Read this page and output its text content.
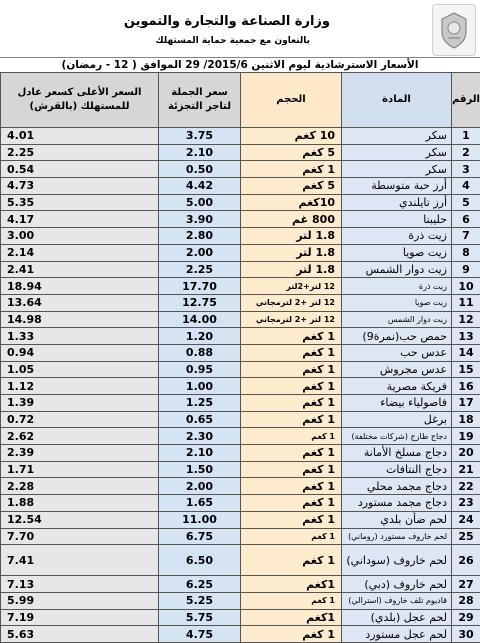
وزارة الصناعة والتجارة والتموين
بالتعاون مع جمعية حماية المستهلك
الأسعار الاسترشادية ليوم الاثنين 2015/6/ 29 الموافق ( 12 - رمضان)
الرقم	المادة	الحجم	سعر الجملة لتاجر التجزئة	السعر الأعلى كسعر عادل للمستهلك (بالقرش)
1	سكر	10 كغم	3.75	4.01
2	سكر	5 كغم	2.10	2.25
3	سكر	1 كغم	0.50	0.54
4	أرز حبة متوسطة	5 كغم	4.42	4.73
5	أرز تايلندي	10كغم	5.00	5.35
6	حليبنا	800 غم	3.90	4.17
7	زيت ذرة	1.8 لتر	2.80	3.00
8	زيت صويا	1.8 لتر	2.00	2.14
9	زيت دوار الشمس	1.8 لتر	2.25	2.41
10	زيت ذرة	12 لتر+2لتر	17.70	18.94
11	زيت صويا	12 لتر +2 لترمجاني	12.75	13.64
12	زيت دوار الشمس	12 لتر +2 لترمجاني	14.00	14.98
13	حمص حب(نمرة9)	1 كغم	1.20	1.33
14	عدس حب	1 كغم	0.88	0.94
15	عدس مجروش	1 كغم	0.95	1.05
16	فريكة مصرية	1 كغم	1.00	1.12
17	فاصولياء بيضاء	1 كغم	1.25	1.39
18	برغل	1 كغم	0.65	0.72
19	دجاج طازج (شركات مختلفة)	1 كغم	2.30	2.62
20	دجاج مسلخ الأمانة	1 كغم	2.10	2.39
21	دجاج النتافات	1 كغم	1.50	1.71
22	دجاج مجمد محلي	1 كغم	2.00	2.28
23	دجاج مجمد مستورد	1 كغم	1.65	1.88
24	لحم ضأن بلدي	1 كغم	11.00	12.54
25	لحم خاروف مستورد (روماني)	1 كغم	6.75	7.70
26	لحم خاروف (سوداني)	1 كغم	6.50	7.41
27	لحم خاروف (دبي)	1كغم	6.25	7.13
28	قاديوم تلف خاروف (استرالي)	1 كغم	5.25	5.99
29	لحم عجل (بلدي)	1كغم	5.75	7.19
30	لحم عجل مستورد	1 كغم	4.75	5.63
